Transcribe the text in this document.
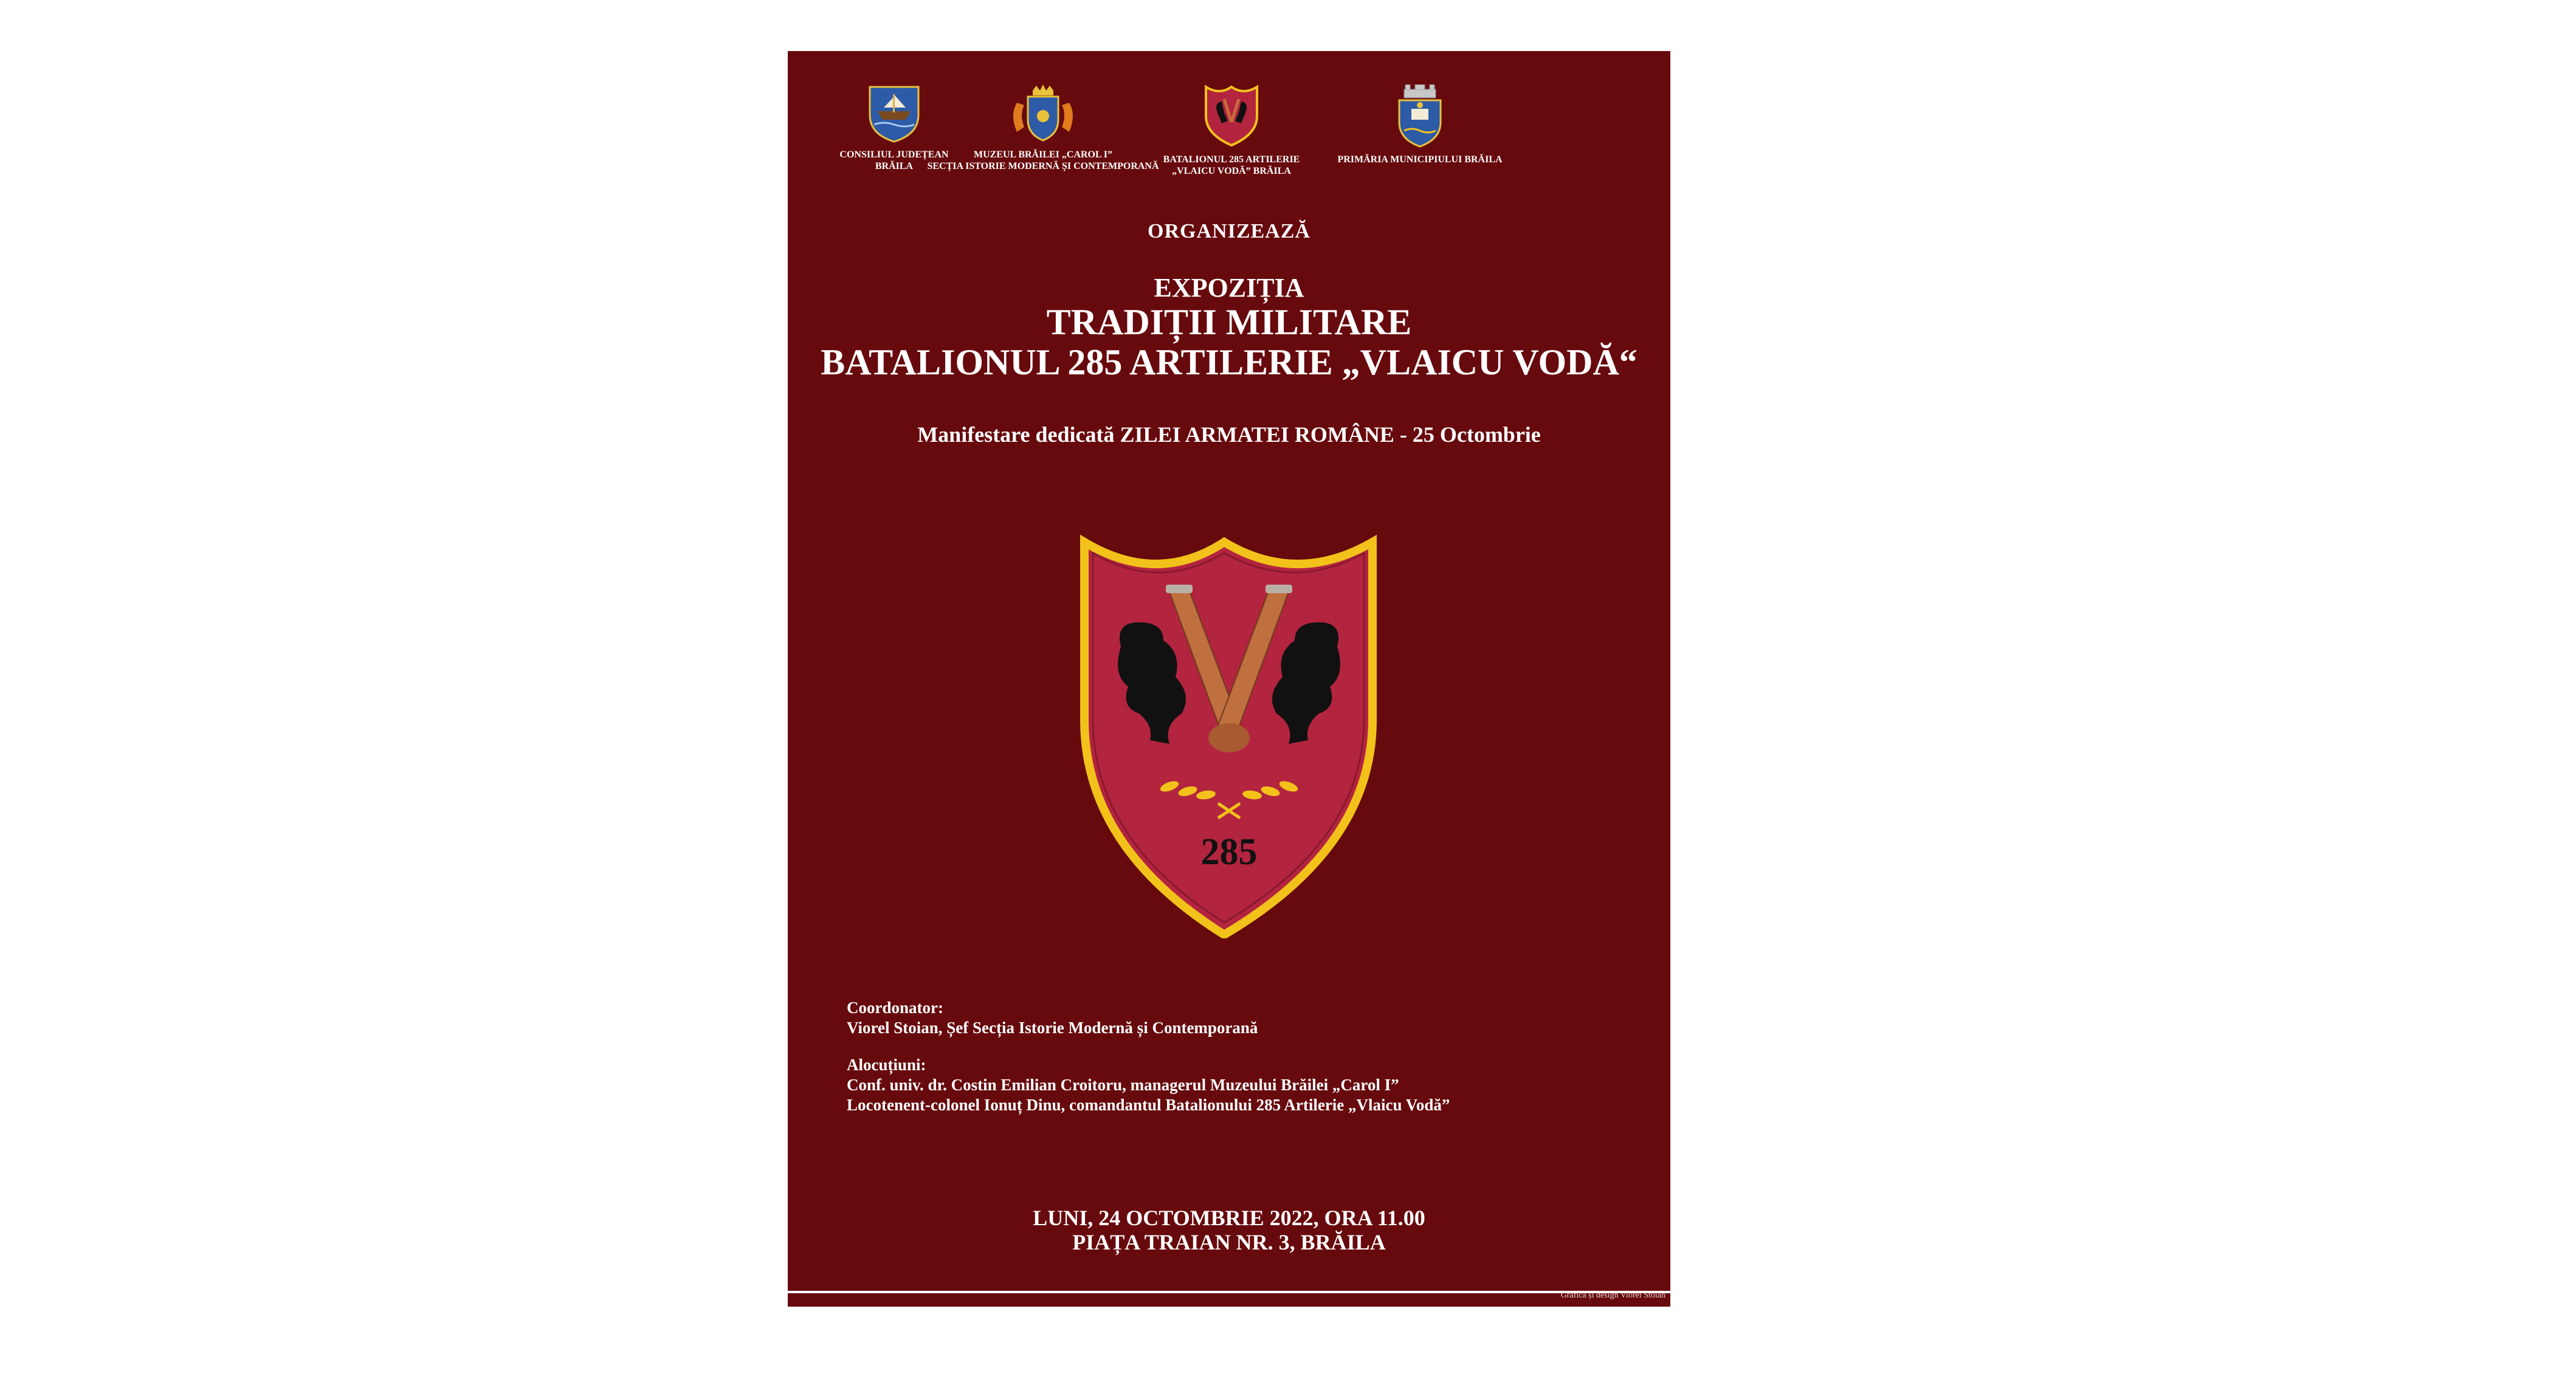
CONSILIUL JUDEȚEAN
BRĂILA
MUZEUL BRĂILEI „CAROL I”
SECȚIA ISTORIE MODERNĂ ȘI CONTEMPORANĂ
BATALIONUL 285 ARTILERIE
„VLAICU VODĂ” BRĂILA
PRIMĂRIA MUNICIPIULUI BRĂILA
ORGANIZEAZĂ
EXPOZIȚIA
TRADIȚII MILITARE
BATALIONUL 285 ARTILERIE „VLAICU VODĂ“
Manifestare dedicată ZILEI ARMATEI ROMÂNE - 25 Octombrie
285
Coordonator:
Viorel Stoian, Șef Secția Istorie Modernă și Contemporană
Alocuțiuni:
Conf. univ. dr. Costin Emilian Croitoru, managerul Muzeului Brăilei „Carol I”
Locotenent-colonel Ionuț Dinu, comandantul Batalionului 285 Artilerie „Vlaicu Vodă”
LUNI, 24 OCTOMBRIE 2022, ORA 11.00
PIAȚA TRAIAN NR. 3, BRĂILA
Grafică și design Viorel Stoian
